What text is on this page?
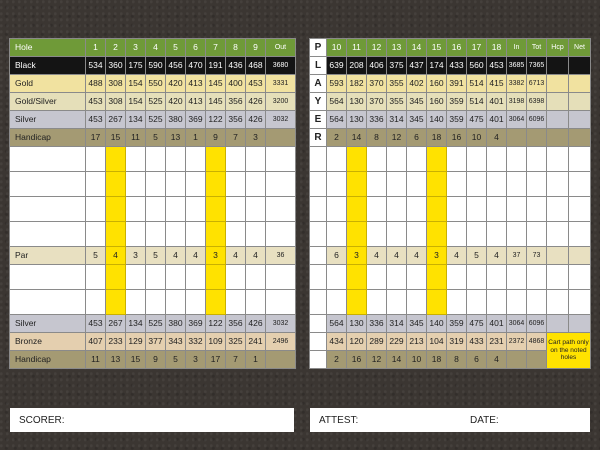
Hole	1	2	3	4	5	6	7	8	9	Out
Black	534	360	175	590	456	470	191	436	468	3680
Gold	488	308	154	550	420	413	145	400	453	3331
Gold/Silver	453	308	154	525	420	413	145	356	426	3200
Silver	453	267	134	525	380	369	122	356	426	3032
Handicap	17	15	11	5	13	1	9	7	3	

Par	5	4	3	5	4	4	3	4	4	36

Silver	453	267	134	525	380	369	122	356	426	3032
Bronze	407	233	129	377	343	332	109	325	241	2496
Handicap	11	13	15	9	5	3	17	7	1	
P	10	11	12	13	14	15	16	17	18	In	Tot	Hcp	Net	
L	639	208	406	375	437	174	433	560	453	3685	7365			
A	593	182	370	355	402	160	391	514	415	3382	6713			
Y	564	130	370	355	345	160	359	514	401	3198	6398			
E	564	130	336	314	345	140	359	475	401	3064	6096			
R	2	14	8	12	6	18	16	10	4					

	6	3	4	4	4	3	4	5	4	37	73			

	564	130	336	314	345	140	359	475	401	3064	6096			
	434	120	289	229	213	104	319	433	231	2372	4868	Cart path only on the noted holes		
	2	16	12	14	10	18	8	6	4					
SCORER:	ATTEST:	DATE:
